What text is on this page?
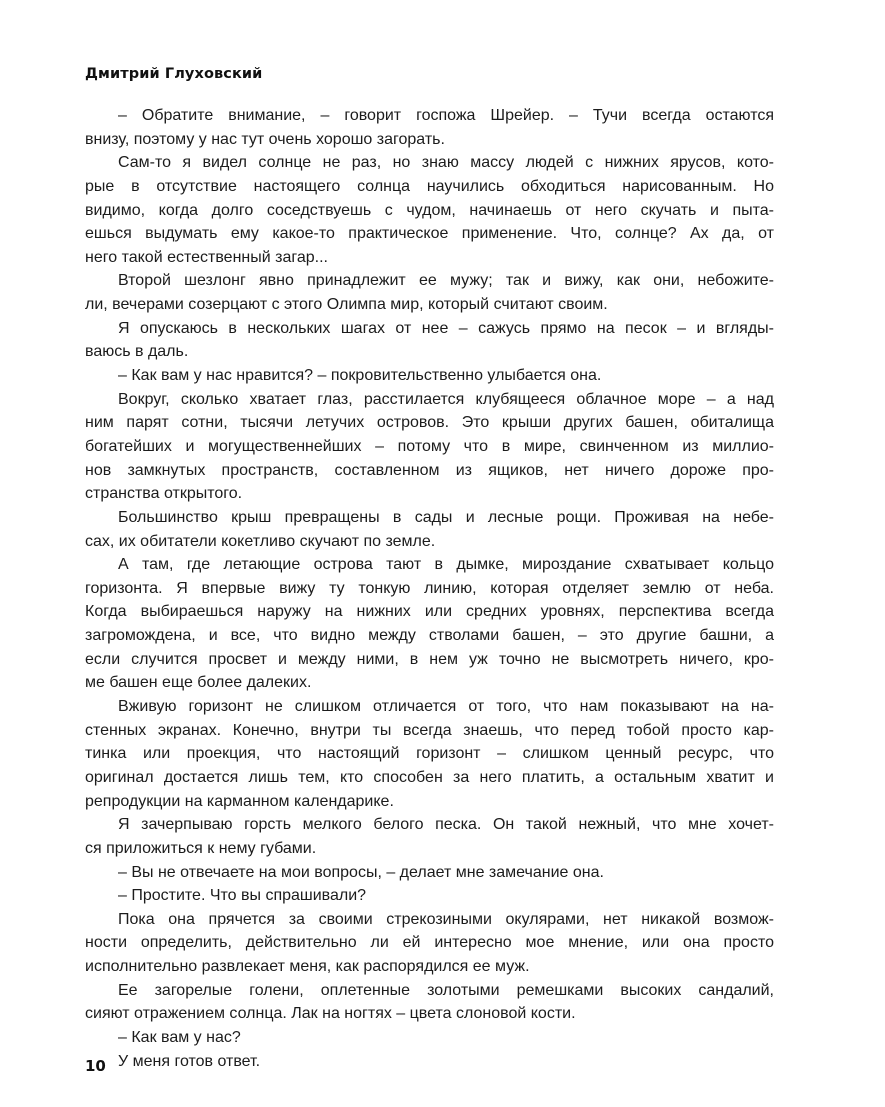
Дмитрий Глуховский
– Обратите внимание, – говорит госпожа Шрейер. – Тучи всегда остаются
внизу, поэтому у нас тут очень хорошо загорать.
Сам-то я видел солнце не раз, но знаю массу людей с нижних ярусов, кото-
рые в отсутствие настоящего солнца научились обходиться нарисованным. Но
видимо, когда долго соседствуешь с чудом, начинаешь от него скучать и пыта-
ешься выдумать ему какое-то практическое применение. Что, солнце? Ах да, от
него такой естественный загар...
Второй шезлонг явно принадлежит ее мужу; так и вижу, как они, небожите-
ли, вечерами созерцают с этого Олимпа мир, который считают своим.
Я опускаюсь в нескольких шагах от нее – сажусь прямо на песок – и вгляды-
ваюсь в даль.
– Как вам у нас нравится? – покровительственно улыбается она.
Вокруг, сколько хватает глаз, расстилается клубящееся облачное море – а над
ним парят сотни, тысячи летучих островов. Это крыши других башен, обиталища
богатейших и могущественнейших – потому что в мире, свинченном из миллио-
нов замкнутых пространств, составленном из ящиков, нет ничего дороже про-
странства открытого.
Большинство крыш превращены в сады и лесные рощи. Проживая на небе-
сах, их обитатели кокетливо скучают по земле.
А там, где летающие острова тают в дымке, мироздание схватывает кольцо
горизонта. Я впервые вижу ту тонкую линию, которая отделяет землю от неба.
Когда выбираешься наружу на нижних или средних уровнях, перспектива всегда
загромождена, и все, что видно между стволами башен, – это другие башни, а
если случится просвет и между ними, в нем уж точно не высмотреть ничего, кро-
ме башен еще более далеких.
Вживую горизонт не слишком отличается от того, что нам показывают на на-
стенных экранах. Конечно, внутри ты всегда знаешь, что перед тобой просто кар-
тинка или проекция, что настоящий горизонт – слишком ценный ресурс, что
оригинал достается лишь тем, кто способен за него платить, а остальным хватит и
репродукции на карманном календарике.
Я зачерпываю горсть мелкого белого песка. Он такой нежный, что мне хочет-
ся приложиться к нему губами.
– Вы не отвечаете на мои вопросы, – делает мне замечание она.
– Простите. Что вы спрашивали?
Пока она прячется за своими стрекозиными окулярами, нет никакой возмож-
ности определить, действительно ли ей интересно мое мнение, или она просто
исполнительно развлекает меня, как распорядился ее муж.
Ее загорелые голени, оплетенные золотыми ремешками высоких сандалий,
сияют отражением солнца. Лак на ногтях – цвета слоновой кости.
– Как вам у нас?
У меня готов ответ.
10
